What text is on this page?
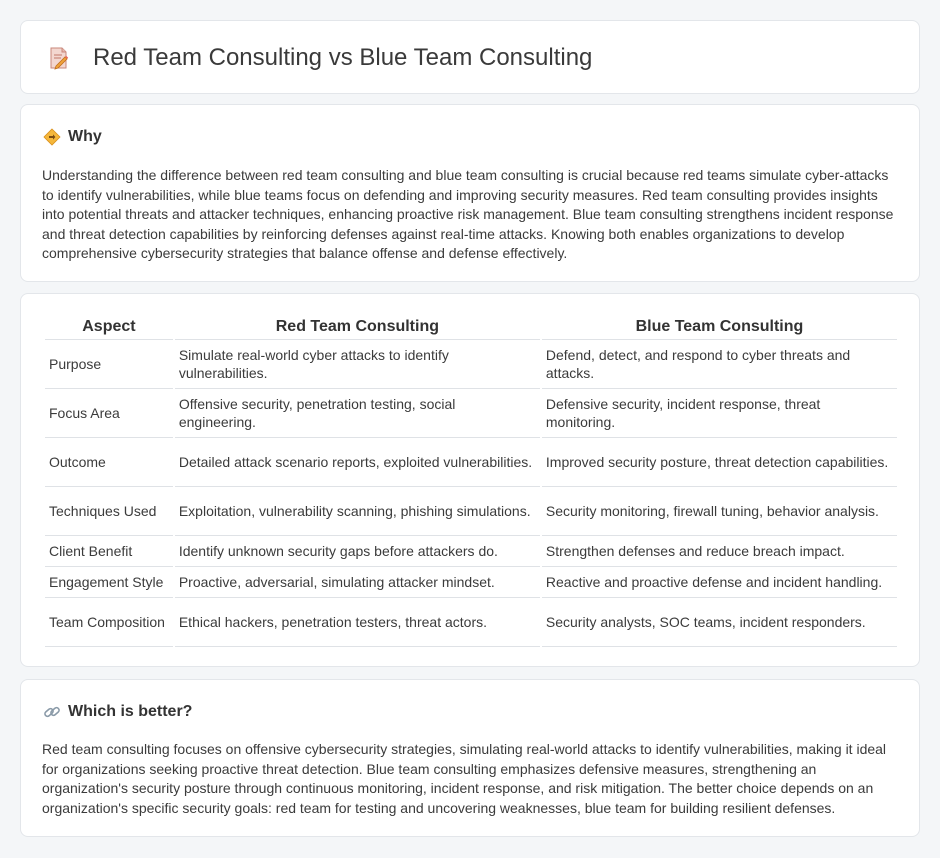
Red Team Consulting vs Blue Team Consulting
Why

Understanding the difference between red team consulting and blue team consulting is crucial because red teams simulate cyber-attacks to identify vulnerabilities, while blue teams focus on defending and improving security measures. Red team consulting provides insights into potential threats and attacker techniques, enhancing proactive risk management. Blue team consulting strengthens incident response and threat detection capabilities by reinforcing defenses against real-time attacks. Knowing both enables organizations to develop comprehensive cybersecurity strategies that balance offense and defense effectively.

Aspect	Red Team Consulting	Blue Team Consulting
Purpose	Simulate real-world cyber attacks to identify vulnerabilities.	Defend, detect, and respond to cyber threats and attacks.
Focus Area	Offensive security, penetration testing, social engineering.	Defensive security, incident response, threat monitoring.
Outcome	Detailed attack scenario reports, exploited vulnerabilities.	Improved security posture, threat detection capabilities.
Techniques Used	Exploitation, vulnerability scanning, phishing simulations.	Security monitoring, firewall tuning, behavior analysis.
Client Benefit	Identify unknown security gaps before attackers do.	Strengthen defenses and reduce breach impact.
Engagement Style	Proactive, adversarial, simulating attacker mindset.	Reactive and proactive defense and incident handling.
Team Composition	Ethical hackers, penetration testers, threat actors.	Security analysts, SOC teams, incident responders.
Which is better?

Red team consulting focuses on offensive cybersecurity strategies, simulating real-world attacks to identify vulnerabilities, making it ideal for organizations seeking proactive threat detection. Blue team consulting emphasizes defensive measures, strengthening an organization's security posture through continuous monitoring, incident response, and risk mitigation. The better choice depends on an organization's specific security goals: red team for testing and uncovering weaknesses, blue team for building resilient defenses.
